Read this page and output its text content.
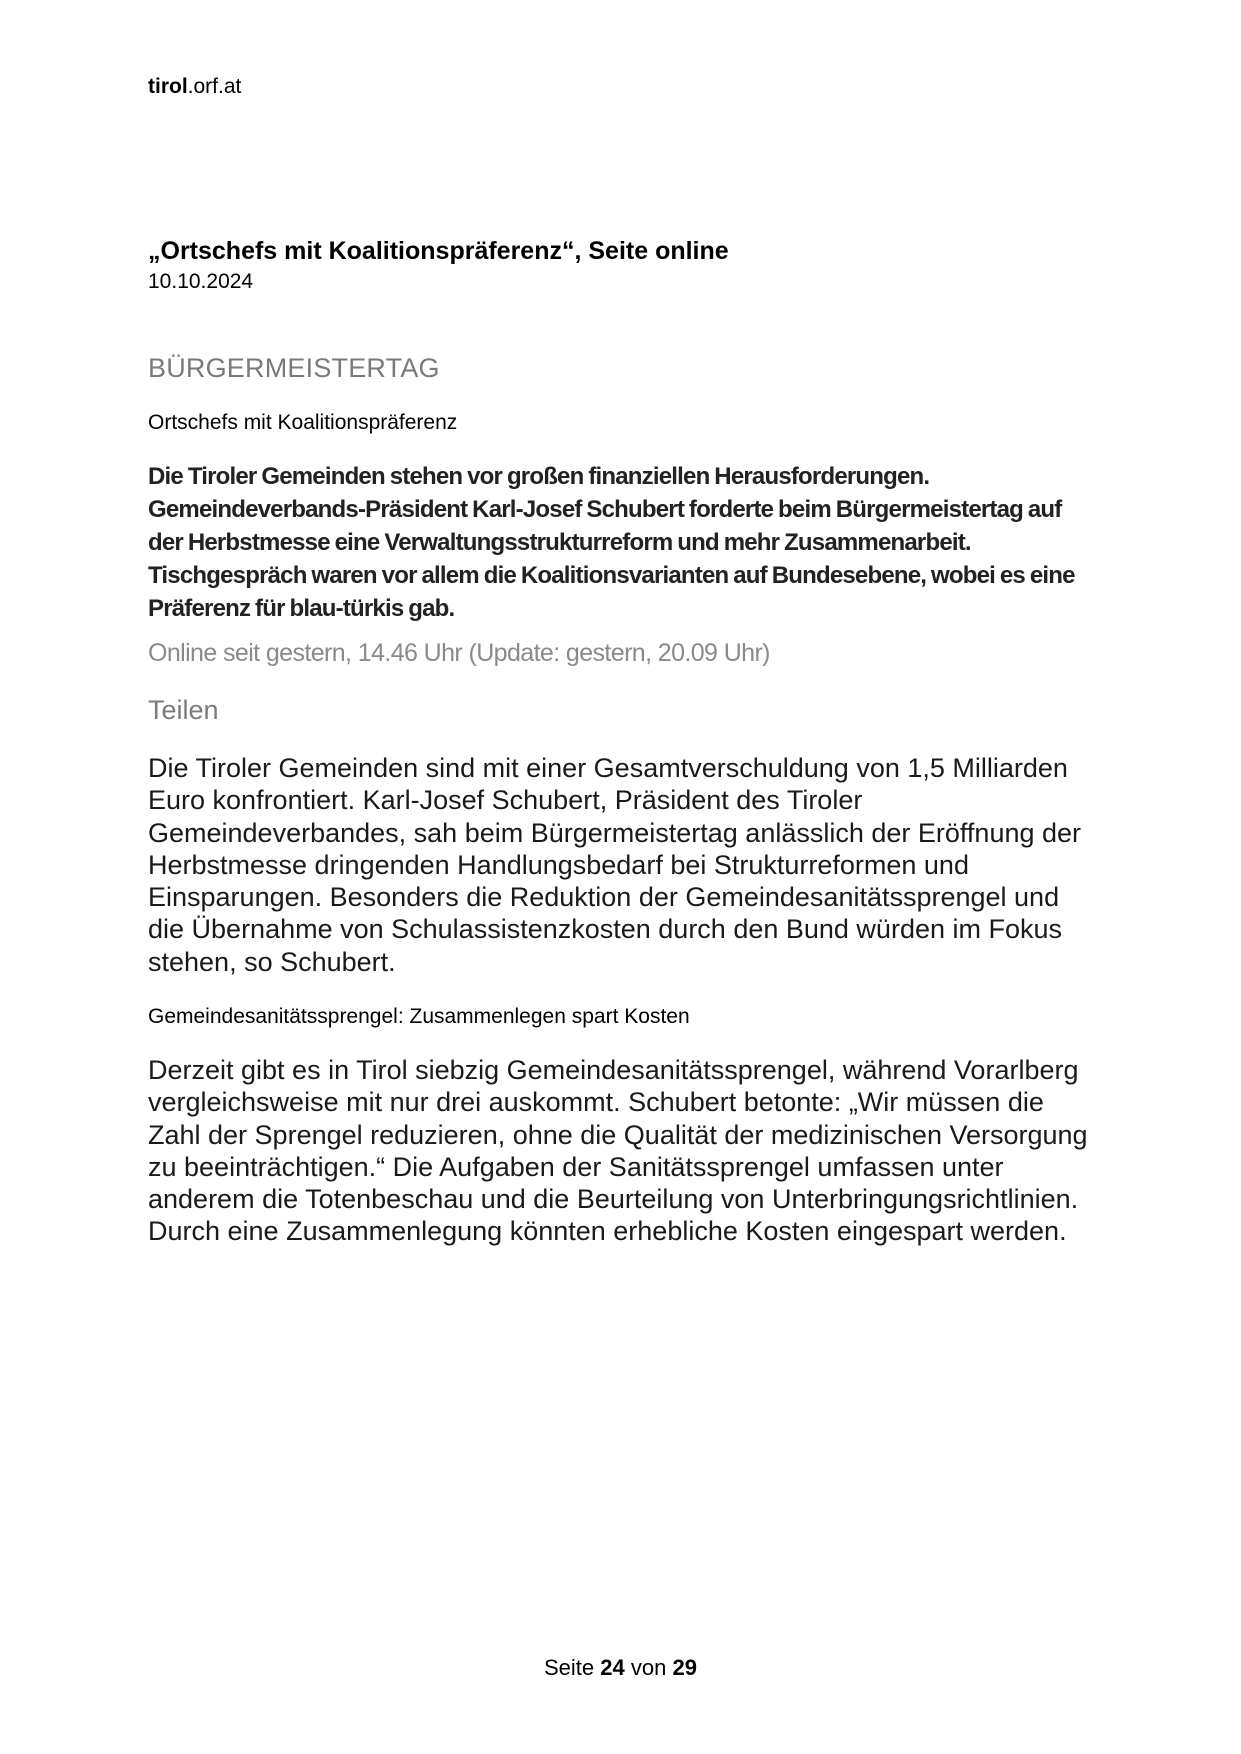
tirol.orf.at
„Ortschefs mit Koalitionspräferenz“, Seite online
10.10.2024
BÜRGERMEISTERTAG
Ortschefs mit Koalitionspräferenz

Die Tiroler Gemeinden stehen vor großen finanziellen Herausforderungen. Gemeindeverbands-Präsident Karl-Josef Schubert forderte beim Bürgermeistertag auf der Herbstmesse eine Verwaltungsstrukturreform und mehr Zusammenarbeit. Tischgespräch waren vor allem die Koalitionsvarianten auf Bundesebene, wobei es eine Präferenz für blau-türkis gab.

Online seit gestern, 14.46 Uhr (Update: gestern, 20.09 Uhr)
Teilen

Die Tiroler Gemeinden sind mit einer Gesamtverschuldung von 1,5 Milliarden Euro konfrontiert. Karl-Josef Schubert, Präsident des Tiroler Gemeindeverbandes, sah beim Bürgermeistertag anlässlich der Eröffnung der Herbstmesse dringenden Handlungsbedarf bei Strukturreformen und Einsparungen. Besonders die Reduktion der Gemeindesanitätssprengel und die Übernahme von Schulassistenzkosten durch den Bund würden im Fokus stehen, so Schubert.

Gemeindesanitätssprengel: Zusammenlegen spart Kosten

Derzeit gibt es in Tirol siebzig Gemeindesanitätssprengel, während Vorarlberg vergleichsweise mit nur drei auskommt. Schubert betonte: „Wir müssen die Zahl der Sprengel reduzieren, ohne die Qualität der medizinischen Versorgung zu beeinträchtigen.“ Die Aufgaben der Sanitätssprengel umfassen unter anderem die Totenbeschau und die Beurteilung von Unterbringungsrichtlinien. Durch eine Zusammenlegung könnten erhebliche Kosten eingespart werden.

Seite 24 von 29
